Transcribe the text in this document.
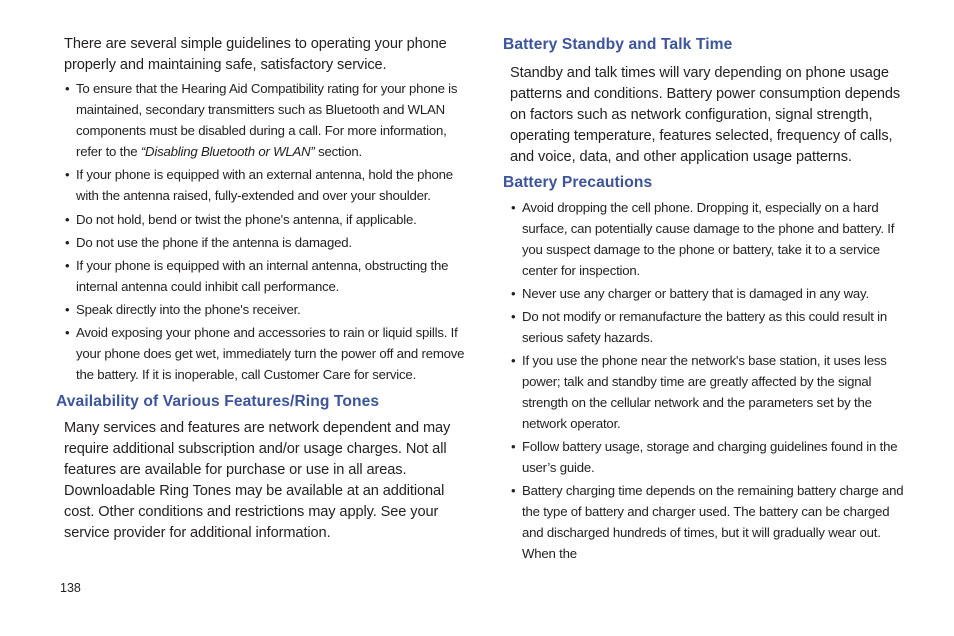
There are several simple guidelines to operating your phone properly and maintaining safe, satisfactory service.

• To ensure that the Hearing Aid Compatibility rating for your phone is maintained, secondary transmitters such as Bluetooth and WLAN components must be disabled during a call. For more information, refer to the “Disabling Bluetooth or WLAN” section.
• If your phone is equipped with an external antenna, hold the phone with the antenna raised, fully-extended and over your shoulder.
• Do not hold, bend or twist the phone's antenna, if applicable.
• Do not use the phone if the antenna is damaged.
• If your phone is equipped with an internal antenna, obstructing the internal antenna could inhibit call performance.
• Speak directly into the phone's receiver.
• Avoid exposing your phone and accessories to rain or liquid spills. If your phone does get wet, immediately turn the power off and remove the battery. If it is inoperable, call Customer Care for service.
Availability of Various Features/Ring Tones

Many services and features are network dependent and may require additional subscription and/or usage charges. Not all features are available for purchase or use in all areas. Downloadable Ring Tones may be available at an additional cost. Other conditions and restrictions may apply. See your service provider for additional information.

Battery Standby and Talk Time

Standby and talk times will vary depending on phone usage patterns and conditions. Battery power consumption depends on factors such as network configuration, signal strength, operating temperature, features selected, frequency of calls, and voice, data, and other application usage patterns.

Battery Precautions
• Avoid dropping the cell phone. Dropping it, especially on a hard surface, can potentially cause damage to the phone and battery. If you suspect damage to the phone or battery, take it to a service center for inspection.
• Never use any charger or battery that is damaged in any way.
• Do not modify or remanufacture the battery as this could result in serious safety hazards.
• If you use the phone near the network's base station, it uses less power; talk and standby time are greatly affected by the signal strength on the cellular network and the parameters set by the network operator.
• Follow battery usage, storage and charging guidelines found in the user’s guide.
• Battery charging time depends on the remaining battery charge and the type of battery and charger used. The battery can be charged and discharged hundreds of times, but it will gradually wear out. When the
138
